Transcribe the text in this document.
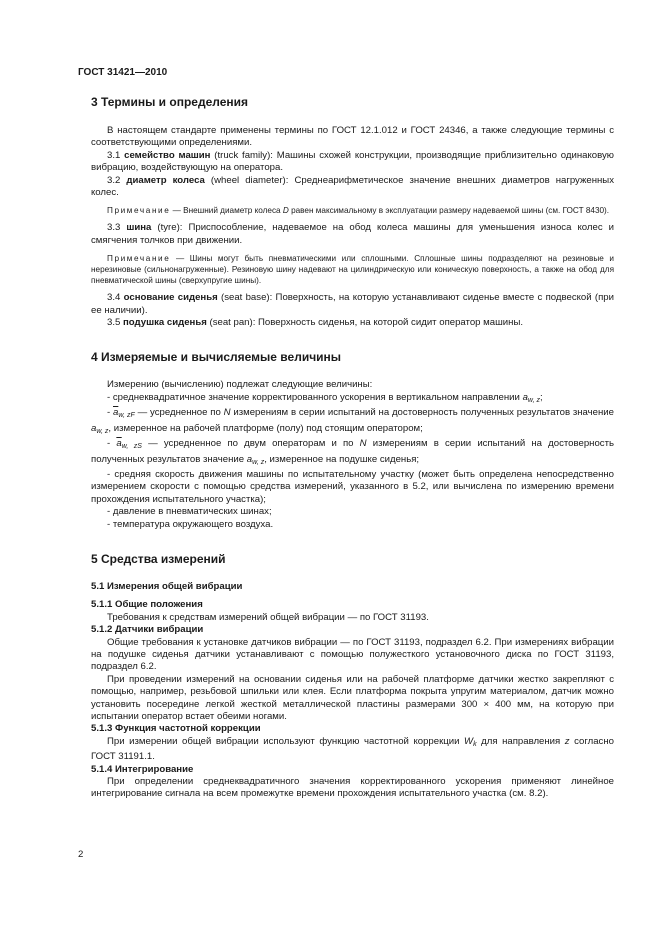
ГОСТ 31421—2010
3 Термины и определения

В настоящем стандарте применены термины по ГОСТ 12.1.012 и ГОСТ 24346, а также следующие термины с соответствующими определениями.

3.1 семейство машин (truck family): Машины схожей конструкции, производящие приблизительно одинаковую вибрацию, воздействующую на оператора.

3.2 диаметр колеса (wheel diameter): Среднеарифметическое значение внешних диаметров нагруженных колес.

Примечание — Внешний диаметр колеса D равен максимальному в эксплуатации размеру надеваемой шины (см. ГОСТ 8430).

3.3 шина (tyre): Приспособление, надеваемое на обод колеса машины для уменьшения износа колес и смягчения толчков при движении.

Примечание — Шины могут быть пневматическими или сплошными. Сплошные шины подразделяют на резиновые и нерезиновые (сильнонагруженные). Резиновую шину надевают на цилиндрическую или коническую поверхность, а также на обод для пневматической шины (сверхупругие шины).

3.4 основание сиденья (seat base): Поверхность, на которую устанавливают сиденье вместе с подвеской (при ее наличии).

3.5 подушка сиденья (seat pan): Поверхность сиденья, на которой сидит оператор машины.

4 Измеряемые и вычисляемые величины

Измерению (вычислению) подлежат следующие величины:

- среднеквадратичное значение корректированного ускорения в вертикальном направлении $a_{w, z}$;

- $\overline{a}_{w, zF}$ — усредненное по N измерениям в серии испытаний на достоверность полученных результатов значение $a_{w, z}$, измеренное на рабочей платформе (полу) под стоящим оператором;

- $\overline{a}_{w, zS}$ — усредненное по двум операторам и по N измерениям в серии испытаний на достоверность полученных результатов значение $a_{w, z}$, измеренное на подушке сиденья;

- средняя скорость движения машины по испытательному участку (может быть определена непосредственно измерением скорости с помощью средства измерений, указанного в 5.2, или вычислена по измерению времени прохождения испытательного участка);

- давление в пневматических шинах;

- температура окружающего воздуха.

5 Средства измерений
5.1 Измерения общей вибрации
5.1.1 Общие положения

Требования к средствам измерений общей вибрации — по ГОСТ 31193.

5.1.2 Датчики вибрации

Общие требования к установке датчиков вибрации — по ГОСТ 31193, подраздел 6.2. При измерениях вибрации на подушке сиденья датчики устанавливают с помощью полужесткого установочного диска по ГОСТ 31193, подраздел 6.2.

При проведении измерений на основании сиденья или на рабочей платформе датчики жестко закрепляют с помощью, например, резьбовой шпильки или клея. Если платформа покрыта упругим материалом, датчик можно установить посередине легкой жесткой металлической пластины размерами 300 × 400 мм, на которую при испытании оператор встает обеими ногами.

5.1.3 Функция частотной коррекции

При измерении общей вибрации используют функцию частотной коррекции $W_k$ для направления z согласно ГОСТ 31191.1.

5.1.4 Интегрирование

При определении среднеквадратичного значения корректированного ускорения применяют линейное интегрирование сигнала на всем промежутке времени прохождения испытательного участка (см. 8.2).

2
